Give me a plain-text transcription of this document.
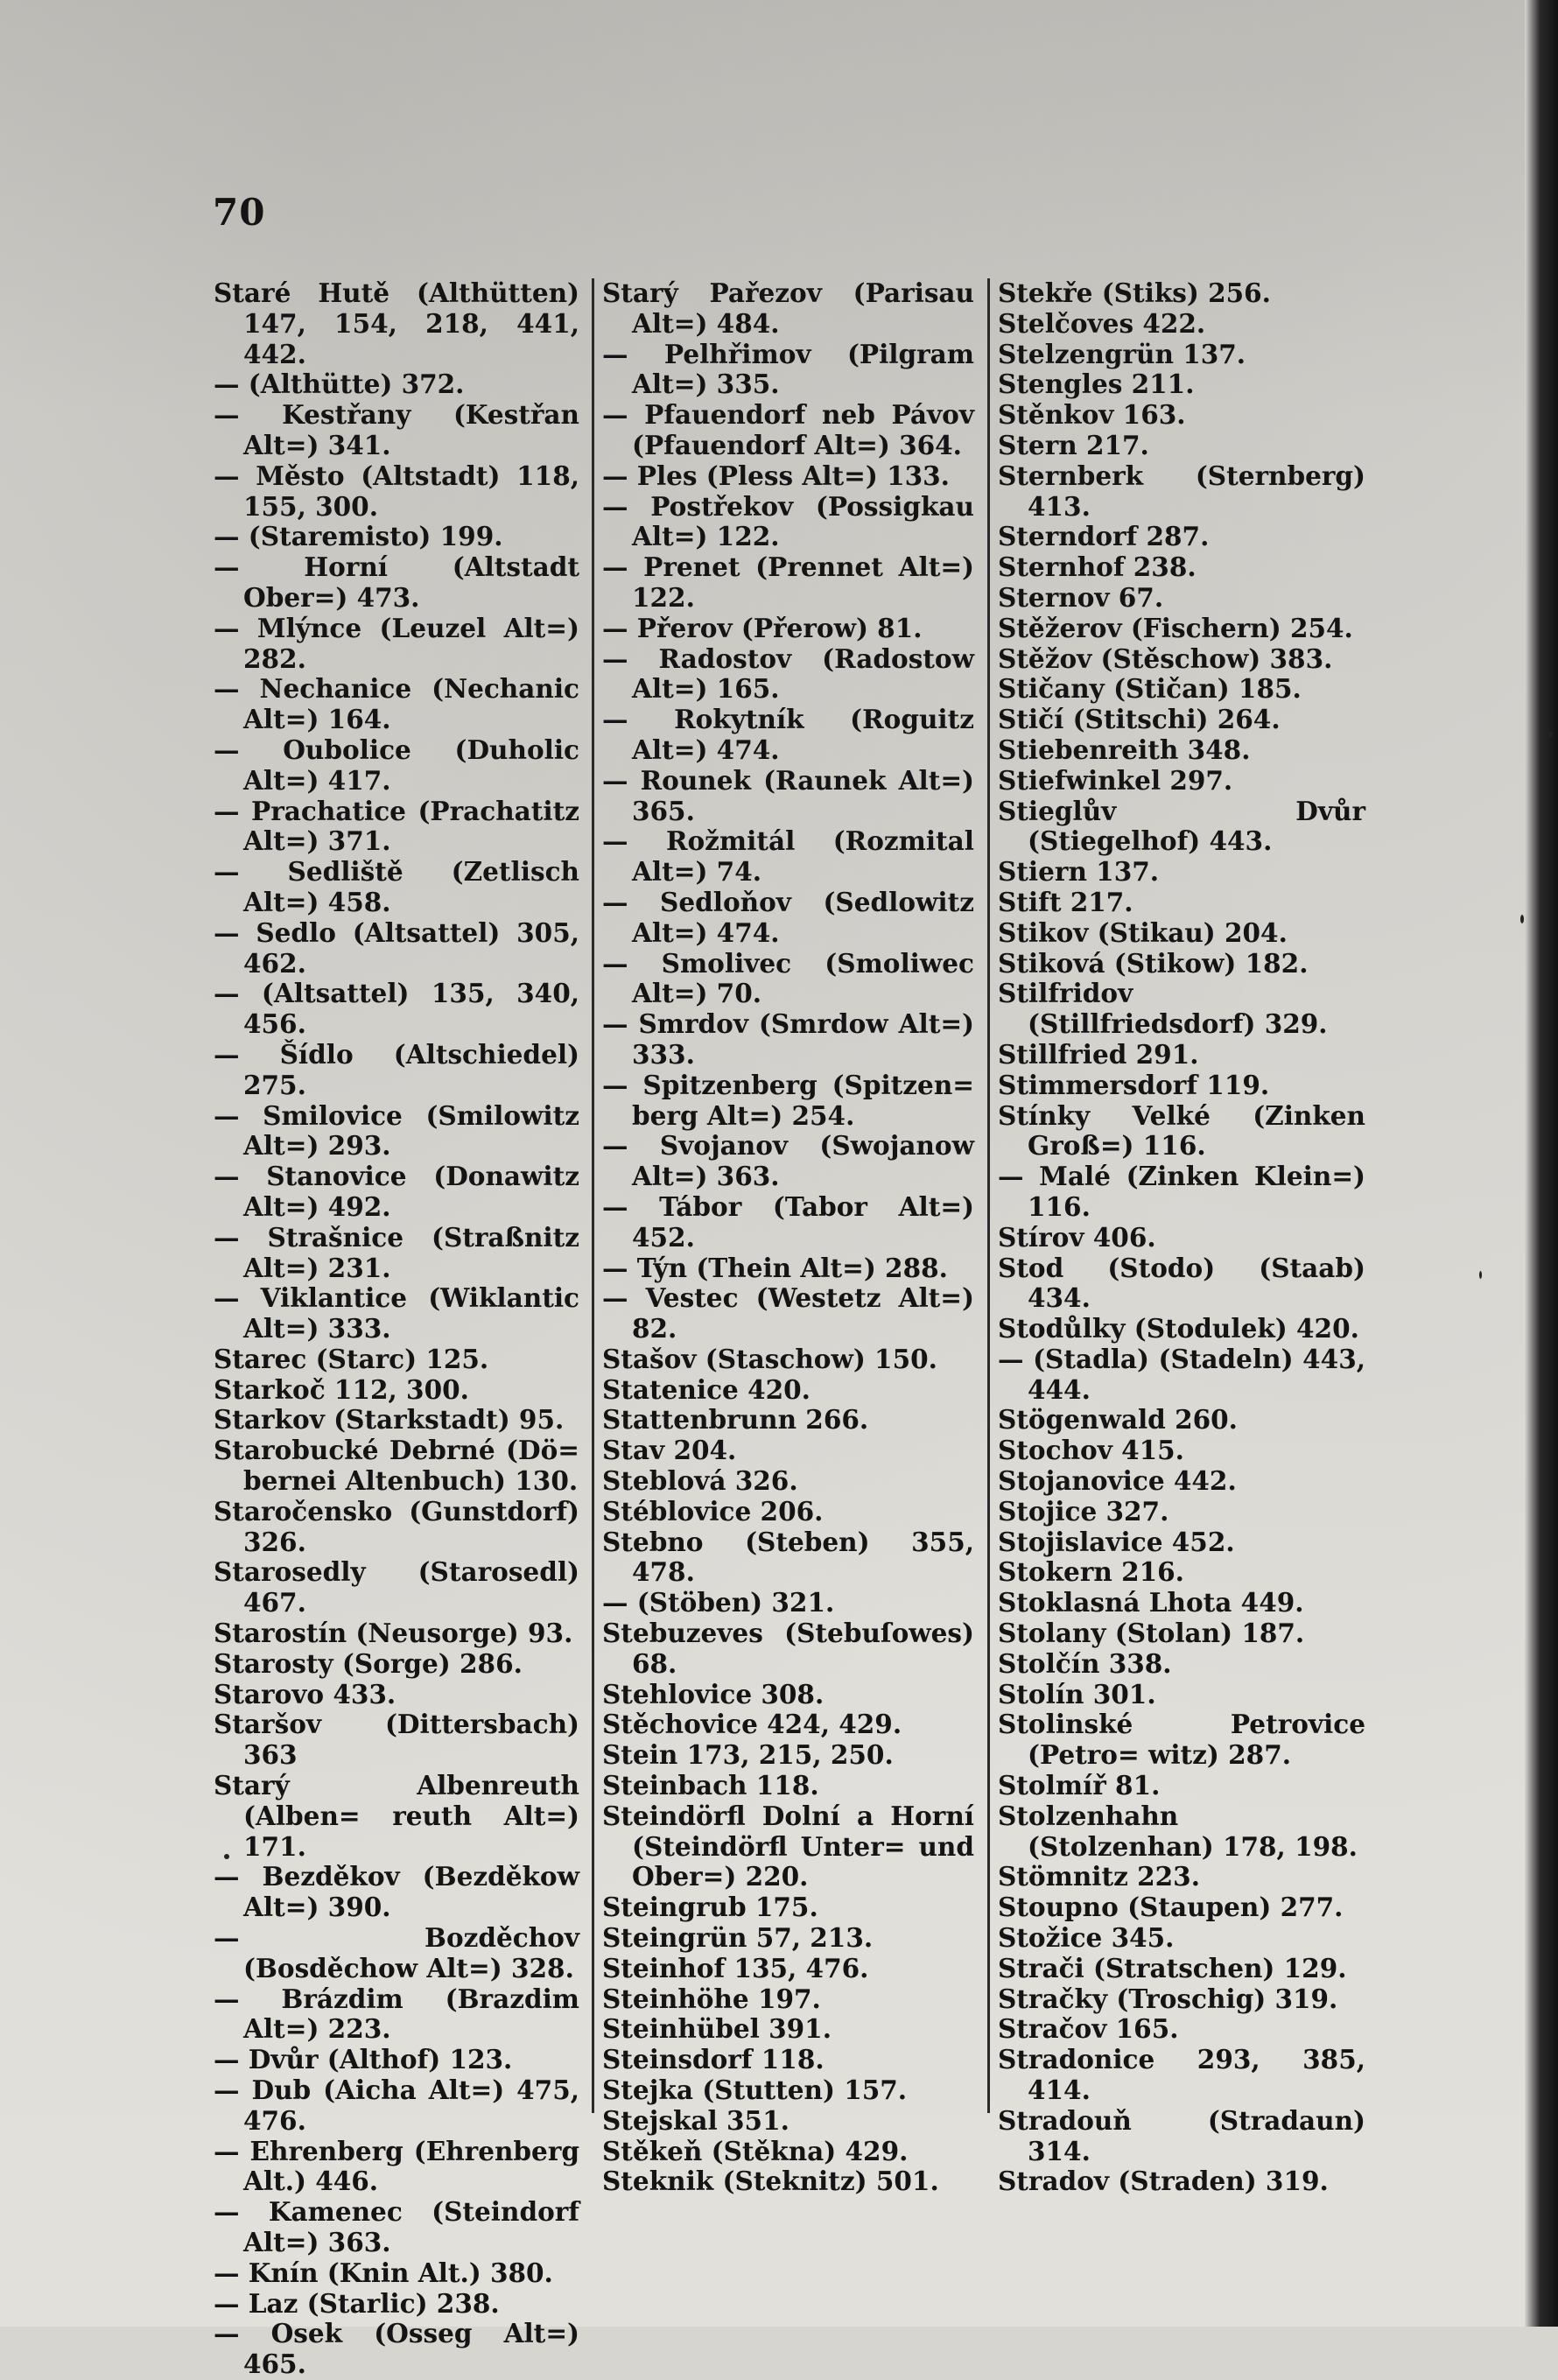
70

Staré Hutě (Althütten) 147, 154, 218, 441, 442.

— (Althütte) 372.

— Kestřany (Kestřan Alt=) 341.

— Město (Altstadt) 118, 155, 300.

— (Staremisto) 199.

— Horní (Altstadt Ober=) 473.

— Mlýnce (Leuzel Alt=) 282.

— Nechanice (Nechanic Alt=) 164.

— Oubolice (Duholic Alt=) 417.

— Prachatice (Prachatitz Alt=) 371.

— Sedliště (Zetlisch Alt=) 458.

— Sedlo (Altsattel) 305, 462.

— (Altsattel) 135, 340, 456.

— Šídlo (Altschiedel) 275.

— Smilovice (Smilowitz Alt=) 293.

— Stanovice (Donawitz Alt=) 492.

— Strašnice (Straßnitz Alt=) 231.

— Viklantice (Wiklantic Alt=) 333.

Starec (Starc) 125.

Starkoč 112, 300.

Starkov (Starkstadt) 95.

Starobucké Debrné (Dö= bernei Altenbuch) 130.

Staročensko (Gunstdorf) 326.

Starosedly (Starosedl) 467.

Starostín (Neusorge) 93.

Starosty (Sorge) 286.

Starovo 433.

Staršov (Dittersbach) 363

Starý Albenreuth (Alben= reuth Alt=) 171.

— Bezděkov (Bezděkow Alt=) 390.

— Bozděchov (Bosděchow Alt=) 328.

— Brázdim (Brazdim Alt=) 223.

— Dvůr (Althof) 123.

— Dub (Aicha Alt=) 475, 476.

— Ehrenberg (Ehrenberg Alt.) 446.

— Kamenec (Steindorf Alt=) 363.

— Knín (Knin Alt.) 380.

— Laz (Starlic) 238.

— Osek (Osseg Alt=) 465.

Starý Pařezov (Parisau Alt=) 484.

— Pelhřimov (Pilgram Alt=) 335.

— Pfauendorf neb Pávov (Pfauendorf Alt=) 364.

— Ples (Pless Alt=) 133.

— Postřekov (Possigkau Alt=) 122.

— Prenet (Prennet Alt=) 122.

— Přerov (Přerow) 81.

— Radostov (Radostow Alt=) 165.

— Rokytník (Roguitz Alt=) 474.

— Rounek (Raunek Alt=) 365.

— Rožmitál (Rozmital Alt=) 74.

— Sedloňov (Sedlowitz Alt=) 474.

— Smolivec (Smoliwec Alt=) 70.

— Smrdov (Smrdow Alt=) 333.

— Spitzenberg (Spitzen= berg Alt=) 254.

— Svojanov (Swojanow Alt=) 363.

— Tábor (Tabor Alt=) 452.

— Týn (Thein Alt=) 288.

— Vestec (Westetz Alt=) 82.

Stašov (Staschow) 150.

Statenice 420.

Stattenbrunn 266.

Stav 204.

Steblová 326.

Stéblovice 206.

Stebno (Steben) 355, 478.

— (Stöben) 321.

Stebuzeves (Stebuſowes) 68.

Stehlovice 308.

Stěchovice 424, 429.

Stein 173, 215, 250.

Steinbach 118.

Steindörfl Dolní a Horní (Steindörfl Unter= und Ober=) 220.

Steingrub 175.

Steingrün 57, 213.

Steinhof 135, 476.

Steinhöhe 197.

Steinhübel 391.

Steinsdorf 118.

Stejka (Stutten) 157.

Stejskal 351.

Stěkeň (Stěkna) 429.

Steknik (Steknitz) 501.

Stekře (Stiks) 256.

Stelčoves 422.

Stelzengrün 137.

Stengles 211.

Stěnkov 163.

Stern 217.

Sternberk (Sternberg) 413.

Sterndorf 287.

Sternhof 238.

Sternov 67.

Stěžerov (Fischern) 254.

Stěžov (Stěschow) 383.

Stičany (Stičan) 185.

Stičí (Stitschi) 264.

Stiebenreith 348.

Stiefwinkel 297.

Stieglův Dvůr (Stiegelhof) 443.

Stiern 137.

Stift 217.

Stikov (Stikau) 204.

Stiková (Stikow) 182.

Stilfridov (Stillfriedsdorf) 329.

Stillfried 291.

Stimmersdorf 119.

Stínky Velké (Zinken Groß=) 116.

— Malé (Zinken Klein=) 116.

Stírov 406.

Stod (Stodo) (Staab) 434.

Stodůlky (Stodulek) 420.

— (Stadla) (Stadeln) 443, 444.

Stögenwald 260.

Stochov 415.

Stojanovice 442.

Stojice 327.

Stojislavice 452.

Stokern 216.

Stoklasná Lhota 449.

Stolany (Stolan) 187.

Stolčín 338.

Stolín 301.

Stolinské Petrovice (Petro= witz) 287.

Stolmíř 81.

Stolzenhahn (Stolzenhan) 178, 198.

Stömnitz 223.

Stoupno (Staupen) 277.

Stožice 345.

Strači (Stratschen) 129.

Stračky (Troschig) 319.

Stračov 165.

Stradonice 293, 385, 414.

Stradouň (Stradaun) 314.

Stradov (Straden) 319.
